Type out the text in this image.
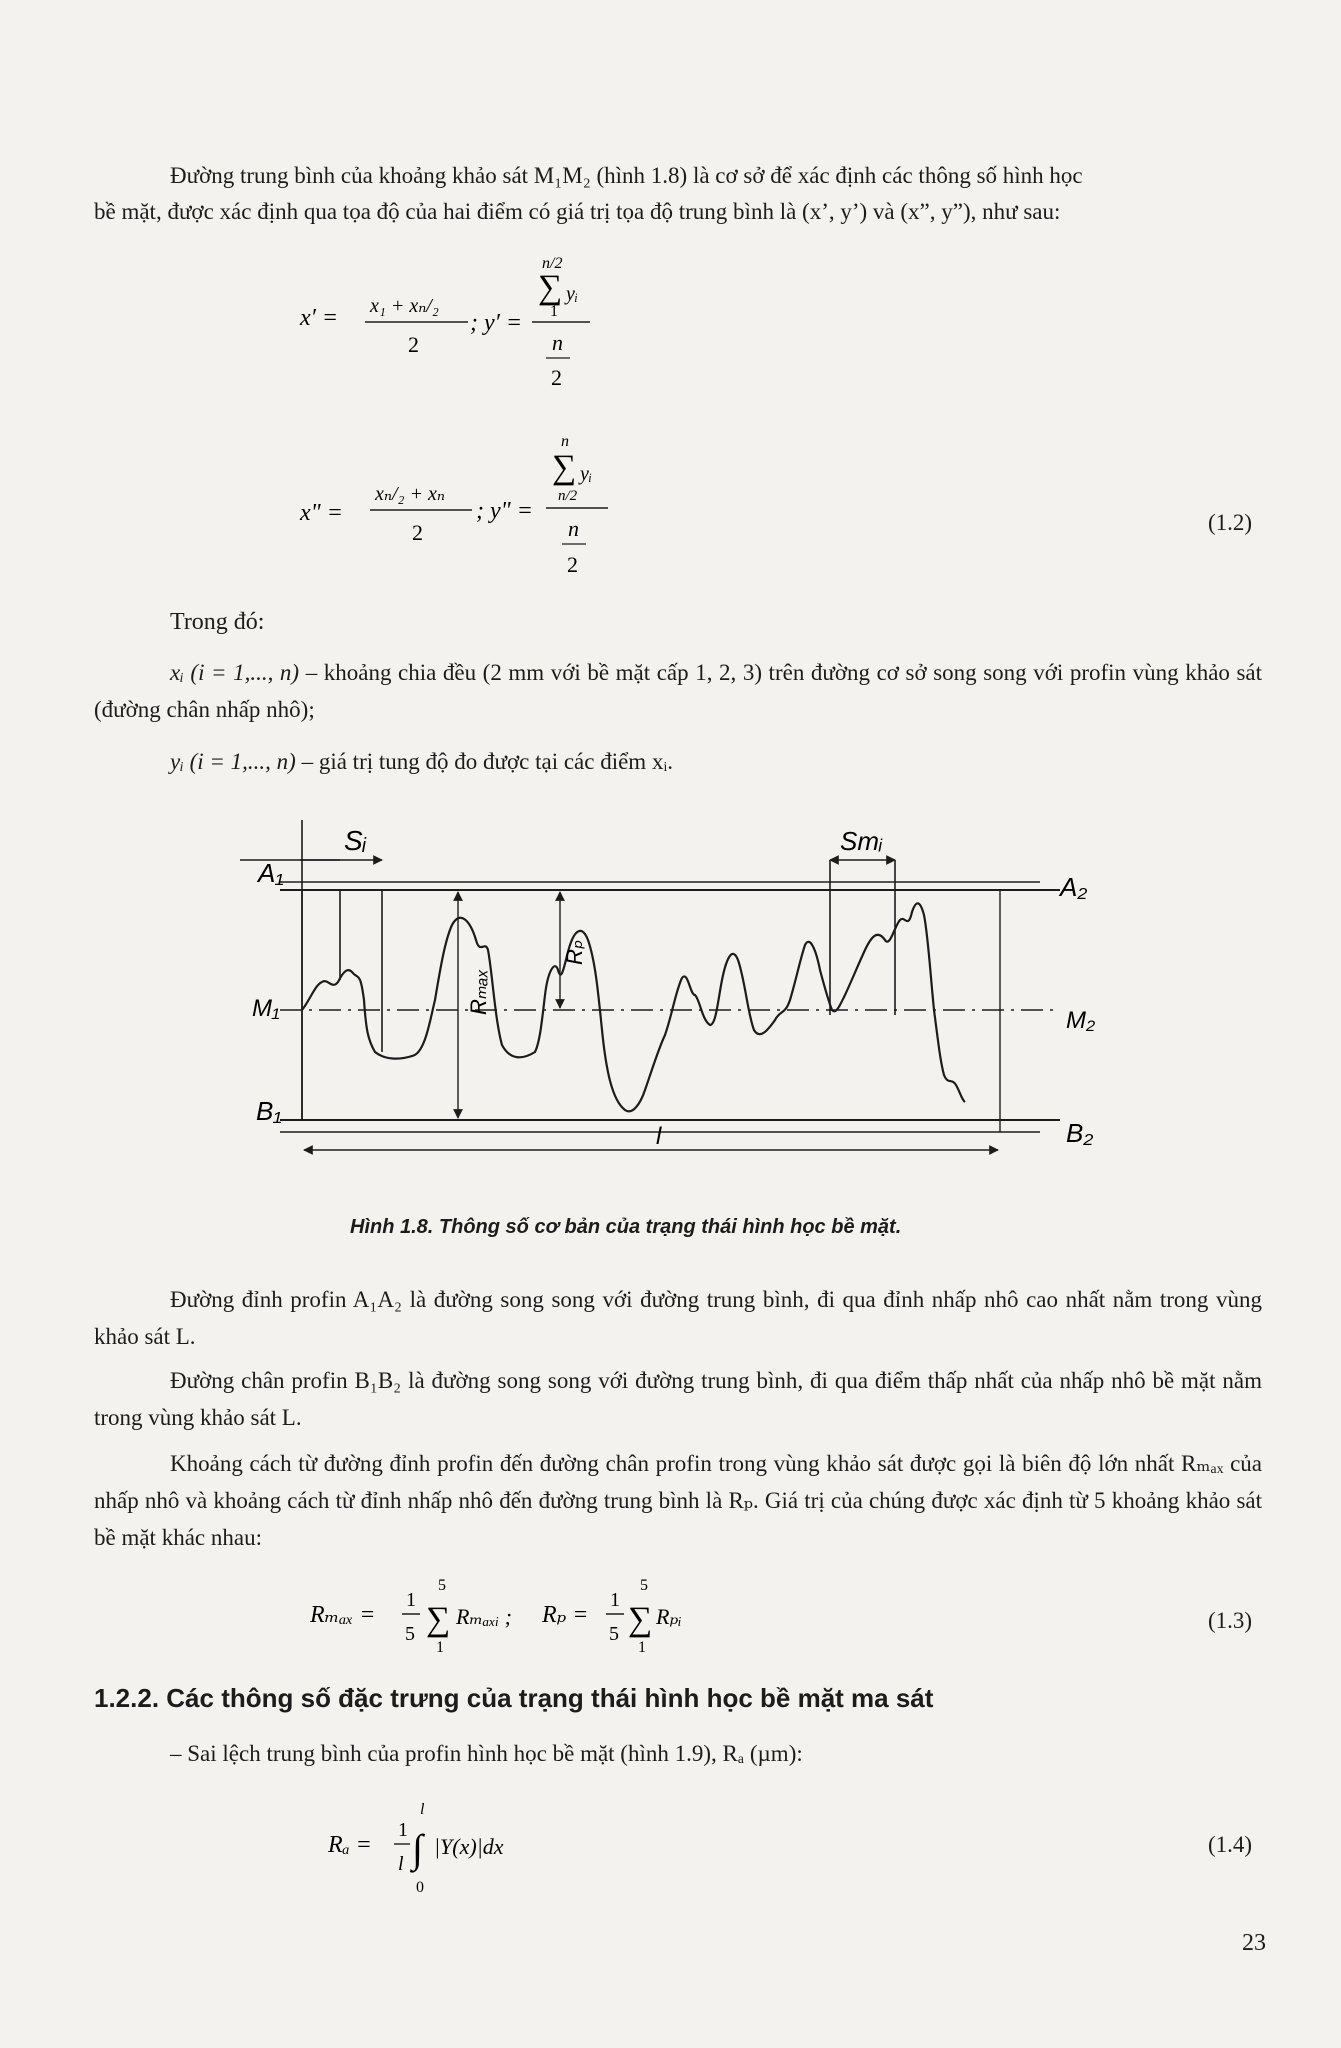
Đường trung bình của khoảng khảo sát M₁M₂ (hình 1.8) là cơ sở để xác định các thông số hình học
bề mặt, được xác định qua tọa độ của hai điểm có giá trị tọa độ trung bình là (x’, y’) và (x”, y”), như sau:
x′ = x₁ + xₙ/₂
2
; y′ =
n/2
∑ yᵢ
1
n
2
x" =
xₙ/₂ + xₙ
2
; y" =
n
∑ yᵢ
n/2
n
2
(1.2)
Trong đó:
xᵢ (i = 1,..., n) – khoảng chia đều (2 mm với bề mặt cấp 1, 2, 3) trên đường cơ sở song song với profin vùng khảo sát (đường chân nhấp nhô);
yᵢ (i = 1,..., n) – giá trị tung độ đo được tại các điểm xᵢ.
A₁	A₂
M₁	M₂
B₁
B₂
Sᵢ	Smᵢ
Rₘₐₓ
Rₚ
l
Hình 1.8. Thông số cơ bản của trạng thái hình học bề mặt.
Đường đỉnh profin A₁A₂ là đường song song với đường trung bình, đi qua đỉnh nhấp nhô cao nhất nằm trong vùng khảo sát L.
Đường chân profin B₁B₂ là đường song song với đường trung bình, đi qua điểm thấp nhất của nhấp nhô bề mặt nằm trong vùng khảo sát L.
Khoảng cách từ đường đỉnh profin đến đường chân profin trong vùng khảo sát được gọi là biên độ lớn nhất Rₘₐₓ của nhấp nhô và khoảng cách từ đỉnh nhấp nhô đến đường trung bình là Rₚ. Giá trị của chúng được xác định từ 5 khoảng khảo sát bề mặt khác nhau:
Rₘₐₓ =
1
5
5
∑
1
Rₘₐₓᵢ ; Rₚ =
1
5
5
∑
1
Rₚᵢ	(1.3)
1.2.2. Các thông số đặc trưng của trạng thái hình học bề mặt ma sát
– Sai lệch trung bình của profin hình học bề mặt (hình 1.9), Rₐ (µm):
Rₐ =
1
l
l
∫
0
|Y(x)|dx	(1.4)
23
